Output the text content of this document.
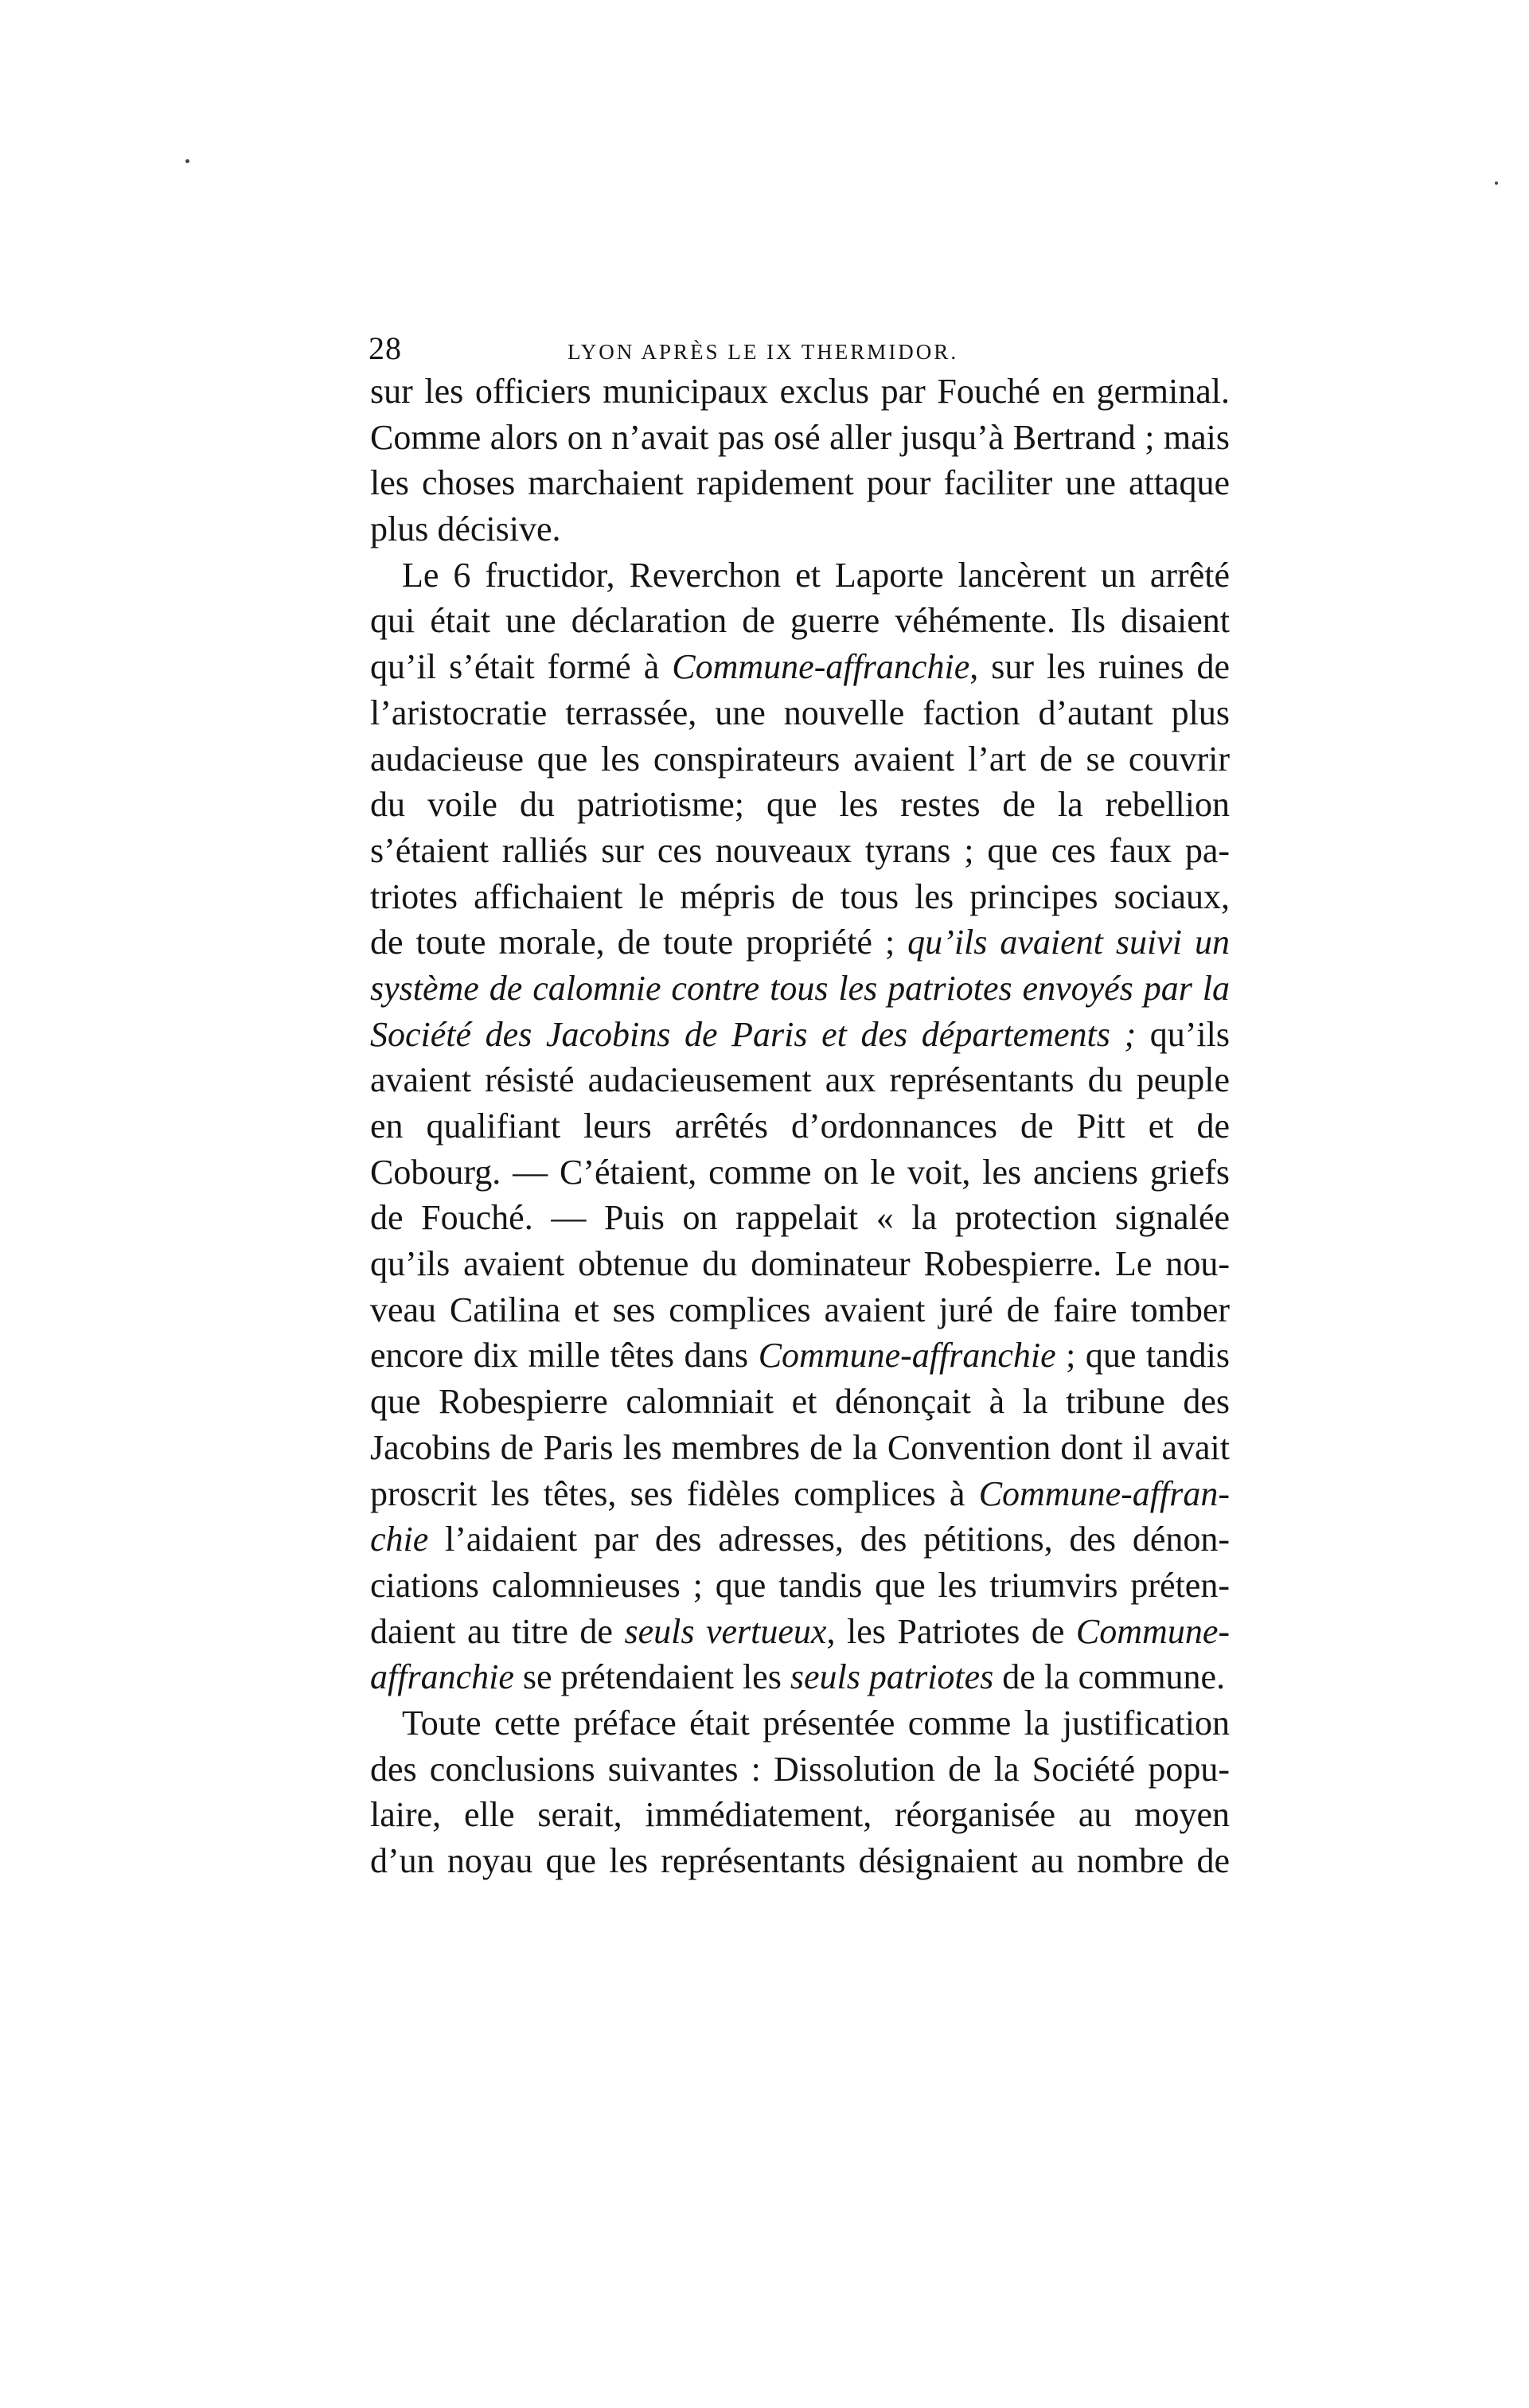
28	LYON APRÈS LE IX THERMIDOR.
sur les officiers municipaux exclus par Fouché en germinal.
Comme alors on n’avait pas osé aller jusqu’à Bertrand ; mais
les choses marchaient rapidement pour faciliter une attaque
plus décisive.
Le 6 fructidor, Reverchon et Laporte lancèrent un arrêté
qui était une déclaration de guerre véhémente. Ils disaient
qu’il s’était formé à Commune-affranchie, sur les ruines de
l’aristocratie terrassée, une nouvelle faction d’autant plus
audacieuse que les conspirateurs avaient l’art de se couvrir
du voile du patriotisme; que les restes de la rebellion
s’étaient ralliés sur ces nouveaux tyrans ; que ces faux pa-
triotes affichaient le mépris de tous les principes sociaux,
de toute morale, de toute propriété ; qu’ils avaient suivi un
système de calomnie contre tous les patriotes envoyés par la
Société des Jacobins de Paris et des départements ; qu’ils
avaient résisté audacieusement aux représentants du peuple
en qualifiant leurs arrêtés d’ordonnances de Pitt et de
Cobourg. — C’étaient, comme on le voit, les anciens griefs
de Fouché. — Puis on rappelait « la protection signalée
qu’ils avaient obtenue du dominateur Robespierre. Le nou-
veau Catilina et ses complices avaient juré de faire tomber
encore dix mille têtes dans Commune-affranchie ; que tandis
que Robespierre calomniait et dénonçait à la tribune des
Jacobins de Paris les membres de la Convention dont il avait
proscrit les têtes, ses fidèles complices à Commune-affran-
chie l’aidaient par des adresses, des pétitions, des dénon-
ciations calomnieuses ; que tandis que les triumvirs préten-
daient au titre de seuls vertueux, les Patriotes de Commune-
affranchie se prétendaient les seuls patriotes de la commune.
Toute cette préface était présentée comme la justification
des conclusions suivantes : Dissolution de la Société popu-
laire, elle serait, immédiatement, réorganisée au moyen
d’un noyau que les représentants désignaient au nombre de
